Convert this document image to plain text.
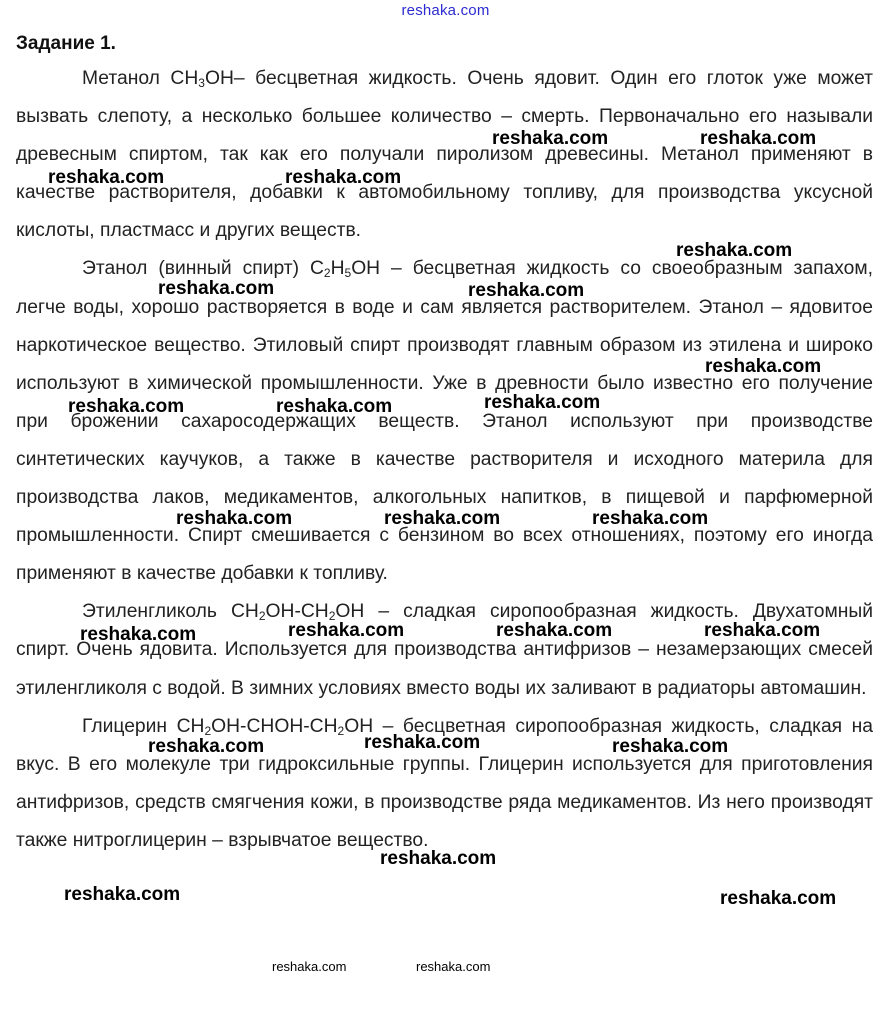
reshaka.com
Задание 1.

Метанол $CH_3OH-$ бесцветная жидкость. Очень ядовит. Один его глоток уже может вызвать слепоту, а несколько большее количество – смерть. Первоначально его называли древесным спиртом, так как его получали пиролизом древесины. Метанол применяют в качестве растворителя, добавки к автомобильному топливу, для производства уксусной кислоты, пластмасс и других веществ.

Этанол (винный спирт) $C_2H_5OH$ – бесцветная жидкость со своеобразным запахом, легче воды, хорошо растворяется в воде и сам является растворителем. Этанол – ядовитое наркотическое вещество. Этиловый спирт производят главным образом из этилена и широко используют в химической промышленности. Уже в древности было известно его получение при брожении сахаросодержащих веществ. Этанол используют при производстве синтетических каучуков, а также в качестве растворителя и исходного материла для производства лаков, медикаментов, алкогольных напитков, в пищевой и парфюмерной промышленности. Спирт смешивается с бензином во всех отношениях, поэтому его иногда применяют в качестве добавки к топливу.

Этиленгликоль $CH_2OH-CH_2OH$ – сладкая сиропообразная жидкость. Двухатомный спирт. Очень ядовита. Используется для производства антифризов – незамерзающих смесей этиленгликоля с водой. В зимних условиях вместо воды их заливают в радиаторы автомашин.

Глицерин $CH_2OH-CHOH-CH_2OH$ – бесцветная сиропообразная жидкость, сладкая на вкус. В его молекуле три гидроксильные группы. Глицерин используется для приготовления антифризов, средств смягчения кожи, в производстве ряда медикаментов. Из него производят также нитроглицерин – взрывчатое вещество.

reshaka.com	reshaka.com
reshaka.com	reshaka.com
reshaka.com
reshaka.com	reshaka.com
reshaka.com
reshaka.com
reshaka.com	reshaka.com
reshaka.com	reshaka.com	reshaka.com
reshaka.com	reshaka.com	reshaka.com	reshaka.com
reshaka.com
reshaka.com	reshaka.com
reshaka.com
reshaka.com	reshaka.com
reshaka.com	reshaka.com
